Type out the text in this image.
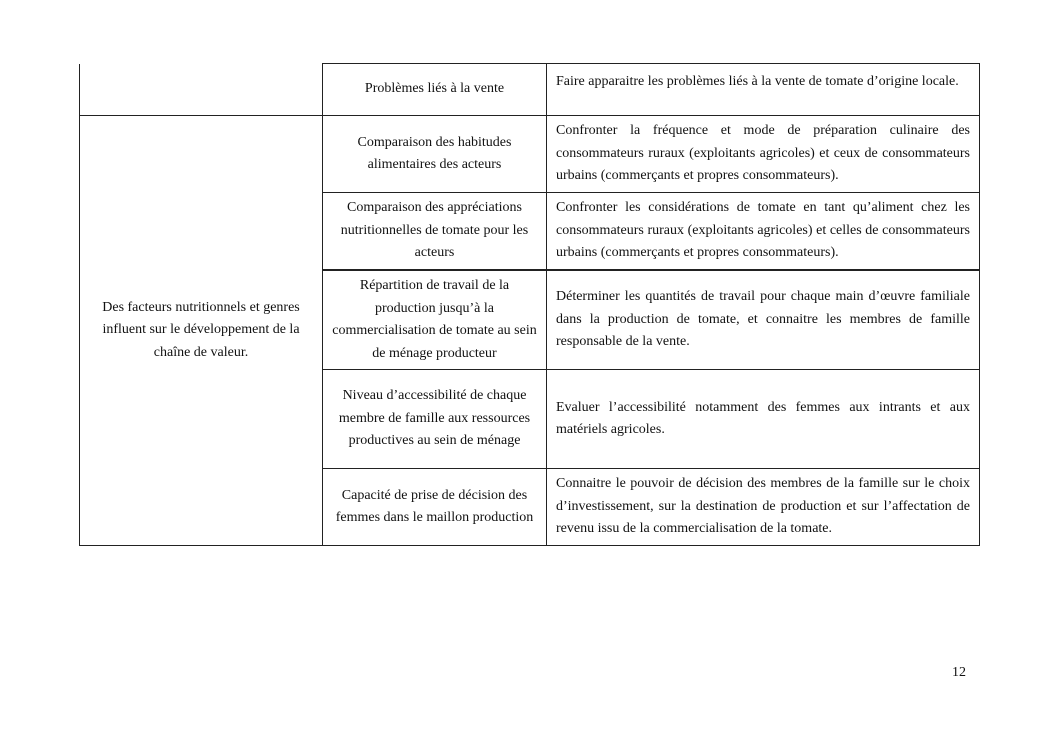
	Problèmes liés à la vente	Faire apparaitre les problèmes liés à la vente de tomate d’origine locale.
Des facteurs nutritionnels et genres influent sur le développement de la chaîne de valeur.	Comparaison des habitudes alimentaires des acteurs	Confronter la fréquence et mode de préparation culinaire des consommateurs ruraux (exploitants agricoles) et ceux de consommateurs urbains (commerçants et propres consommateurs).
	Comparaison des appréciations nutritionnelles de tomate pour les acteurs	Confronter les considérations de tomate en tant qu’aliment chez les consommateurs ruraux (exploitants agricoles) et celles de consommateurs urbains (commerçants et propres consommateurs).
	Répartition de travail de la production jusqu’à la commercialisation de tomate au sein de ménage producteur	Déterminer les quantités de travail pour chaque main d’œuvre familiale dans la production de tomate, et connaitre les membres de famille responsable de la vente.
	Niveau d’accessibilité de chaque membre de famille aux ressources productives au sein de ménage	Evaluer l’accessibilité notamment des femmes aux intrants et aux matériels agricoles.
	Capacité de prise de décision des femmes dans le maillon production	Connaitre le pouvoir de décision des membres de la famille sur le choix d’investissement, sur la destination de production et sur l’affectation de revenu issu de la commercialisation de la tomate.
12
